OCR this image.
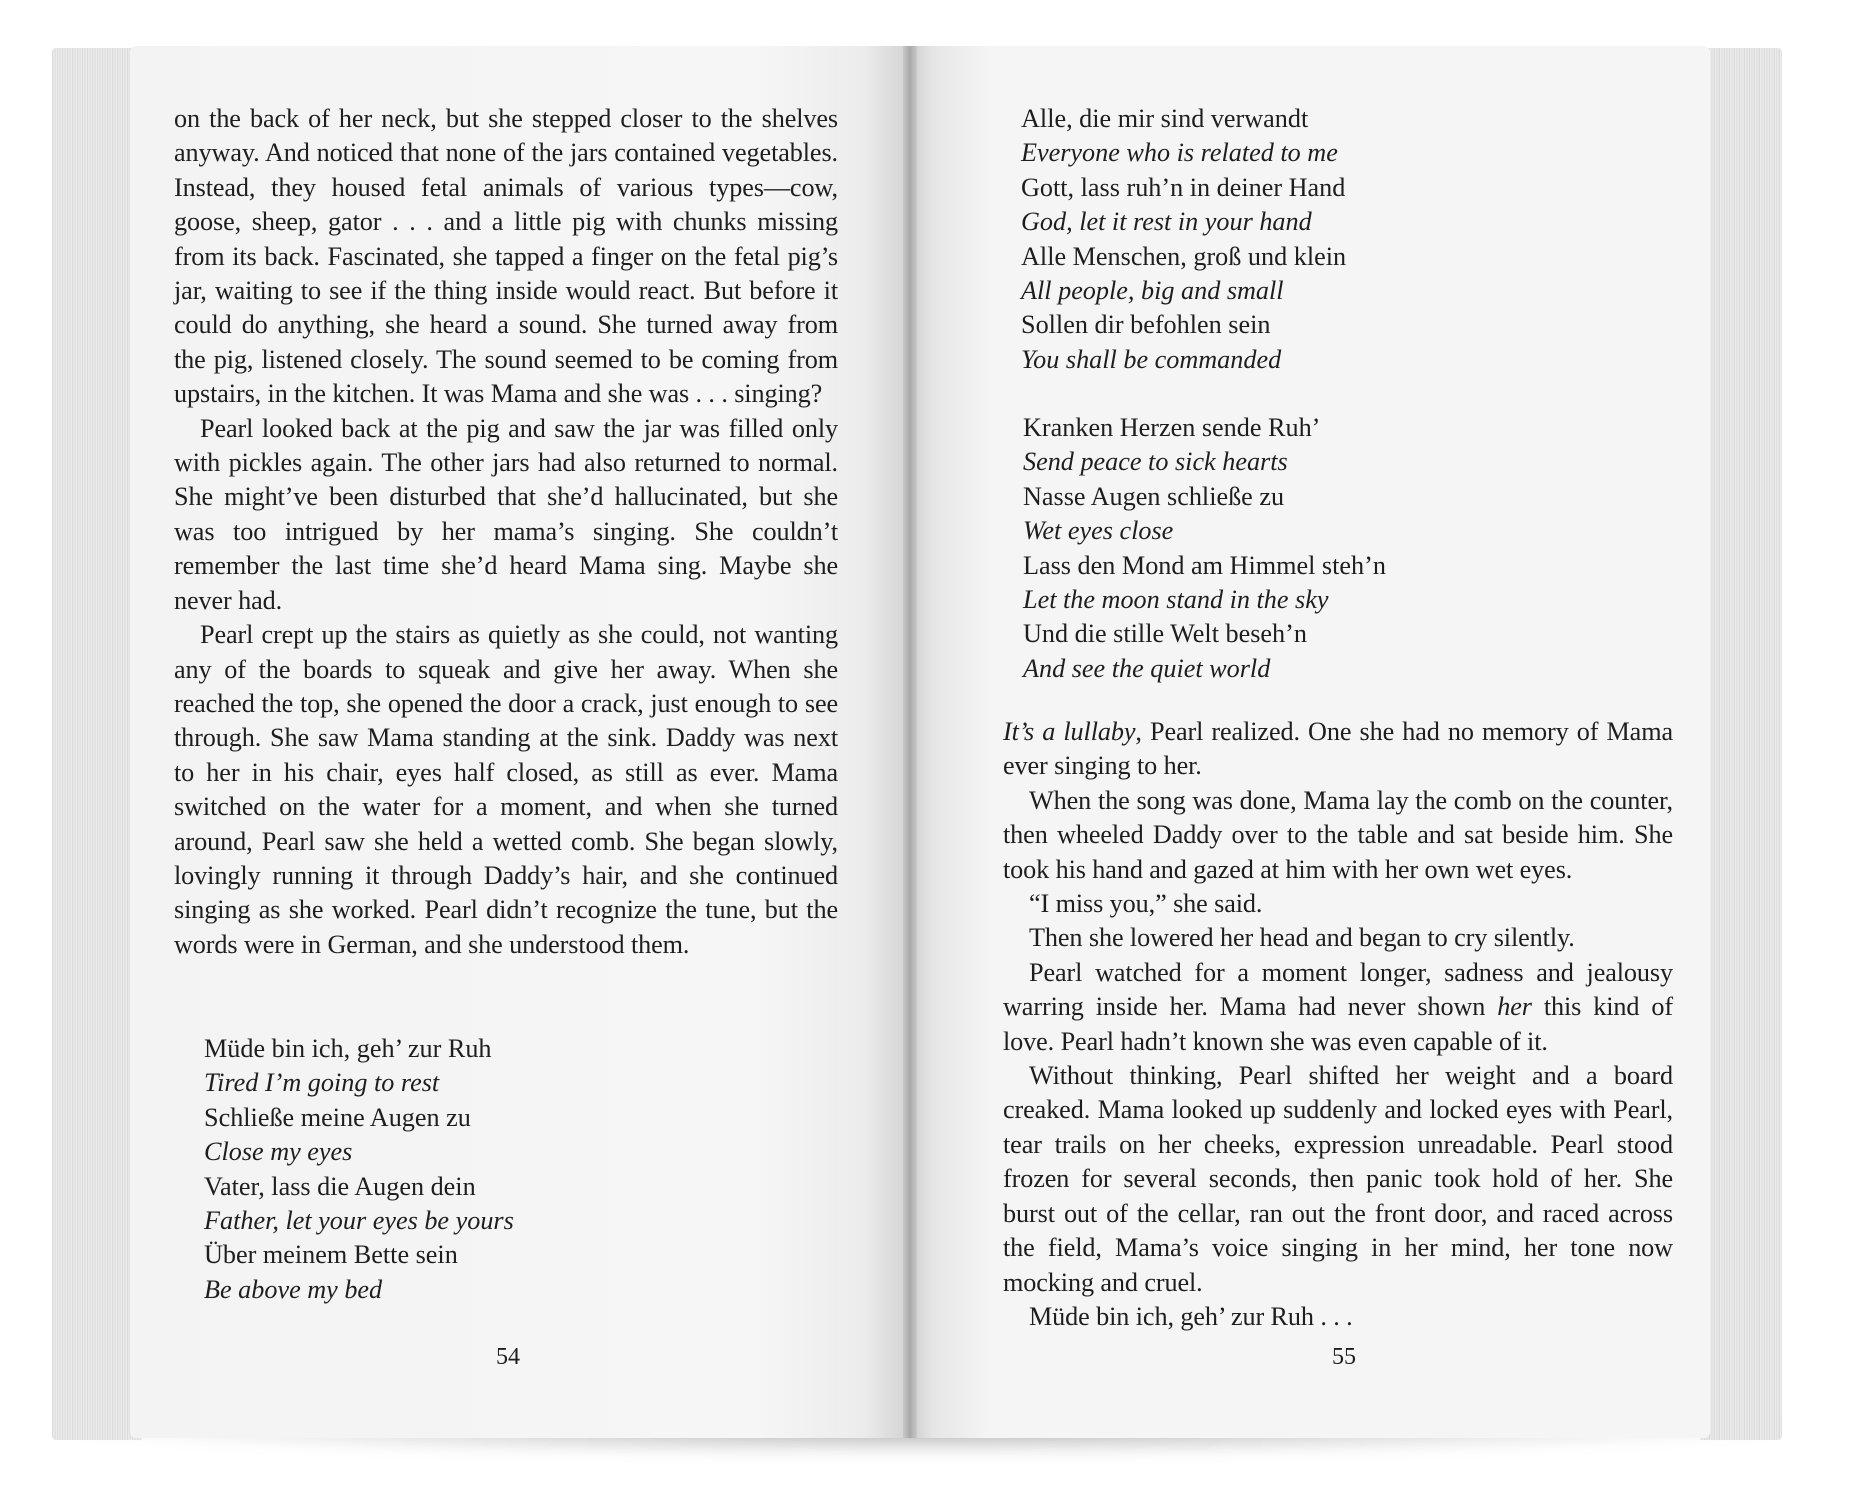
on the back of her neck, but she stepped closer to the shelves anyway. And noticed that none of the jars contained vegetables. Instead, they housed fetal animals of various types—cow, goose, sheep, gator . . . and a little pig with chunks missing from its back. Fascinated, she tapped a finger on the fetal pig’s jar, waiting to see if the thing inside would react. But before it could do anything, she heard a sound. She turned away from the pig, listened closely. The sound seemed to be coming from upstairs, in the kitchen. It was Mama and she was . . . singing?

Pearl looked back at the pig and saw the jar was filled only with pickles again. The other jars had also returned to normal. She might’ve been disturbed that she’d hallucinated, but she was too intrigued by her mama’s singing. She couldn’t remember the last time she’d heard Mama sing. Maybe she never had.

Pearl crept up the stairs as quietly as she could, not wanting any of the boards to squeak and give her away. When she reached the top, she opened the door a crack, just enough to see through. She saw Mama standing at the sink. Daddy was next to her in his chair, eyes half closed, as still as ever. Mama switched on the water for a moment, and when she turned around, Pearl saw she held a wetted comb. She began slowly, lovingly running it through Daddy’s hair, and she continued singing as she worked. Pearl didn’t recognize the tune, but the words were in German, and she understood them.

Müde bin ich, geh’ zur Ruh
Tired I’m going to rest
Schließe meine Augen zu
Close my eyes
Vater, lass die Augen dein
Father, let your eyes be yours
Über meinem Bette sein
Be above my bed
54
Alle, die mir sind verwandt
Everyone who is related to me
Gott, lass ruh’n in deiner Hand
God, let it rest in your hand
Alle Menschen, groß und klein
All people, big and small
Sollen dir befohlen sein
You shall be commanded
Kranken Herzen sende Ruh’
Send peace to sick hearts
Nasse Augen schließe zu
Wet eyes close
Lass den Mond am Himmel steh’n
Let the moon stand in the sky
Und die stille Welt beseh’n
And see the quiet world

It’s a lullaby, Pearl realized. One she had no memory of Mama ever singing to her.

When the song was done, Mama lay the comb on the counter, then wheeled Daddy over to the table and sat beside him. She took his hand and gazed at him with her own wet eyes.

“I miss you,” she said.

Then she lowered her head and began to cry silently.

Pearl watched for a moment longer, sadness and jealousy warring inside her. Mama had never shown her this kind of love. Pearl hadn’t known she was even capable of it.

Without thinking, Pearl shifted her weight and a board creaked. Mama looked up suddenly and locked eyes with Pearl, tear trails on her cheeks, expression unreadable. Pearl stood frozen for several seconds, then panic took hold of her. She burst out of the cellar, ran out the front door, and raced across the field, Mama’s voice singing in her mind, her tone now mocking and cruel.

Müde bin ich, geh’ zur Ruh . . .

55
